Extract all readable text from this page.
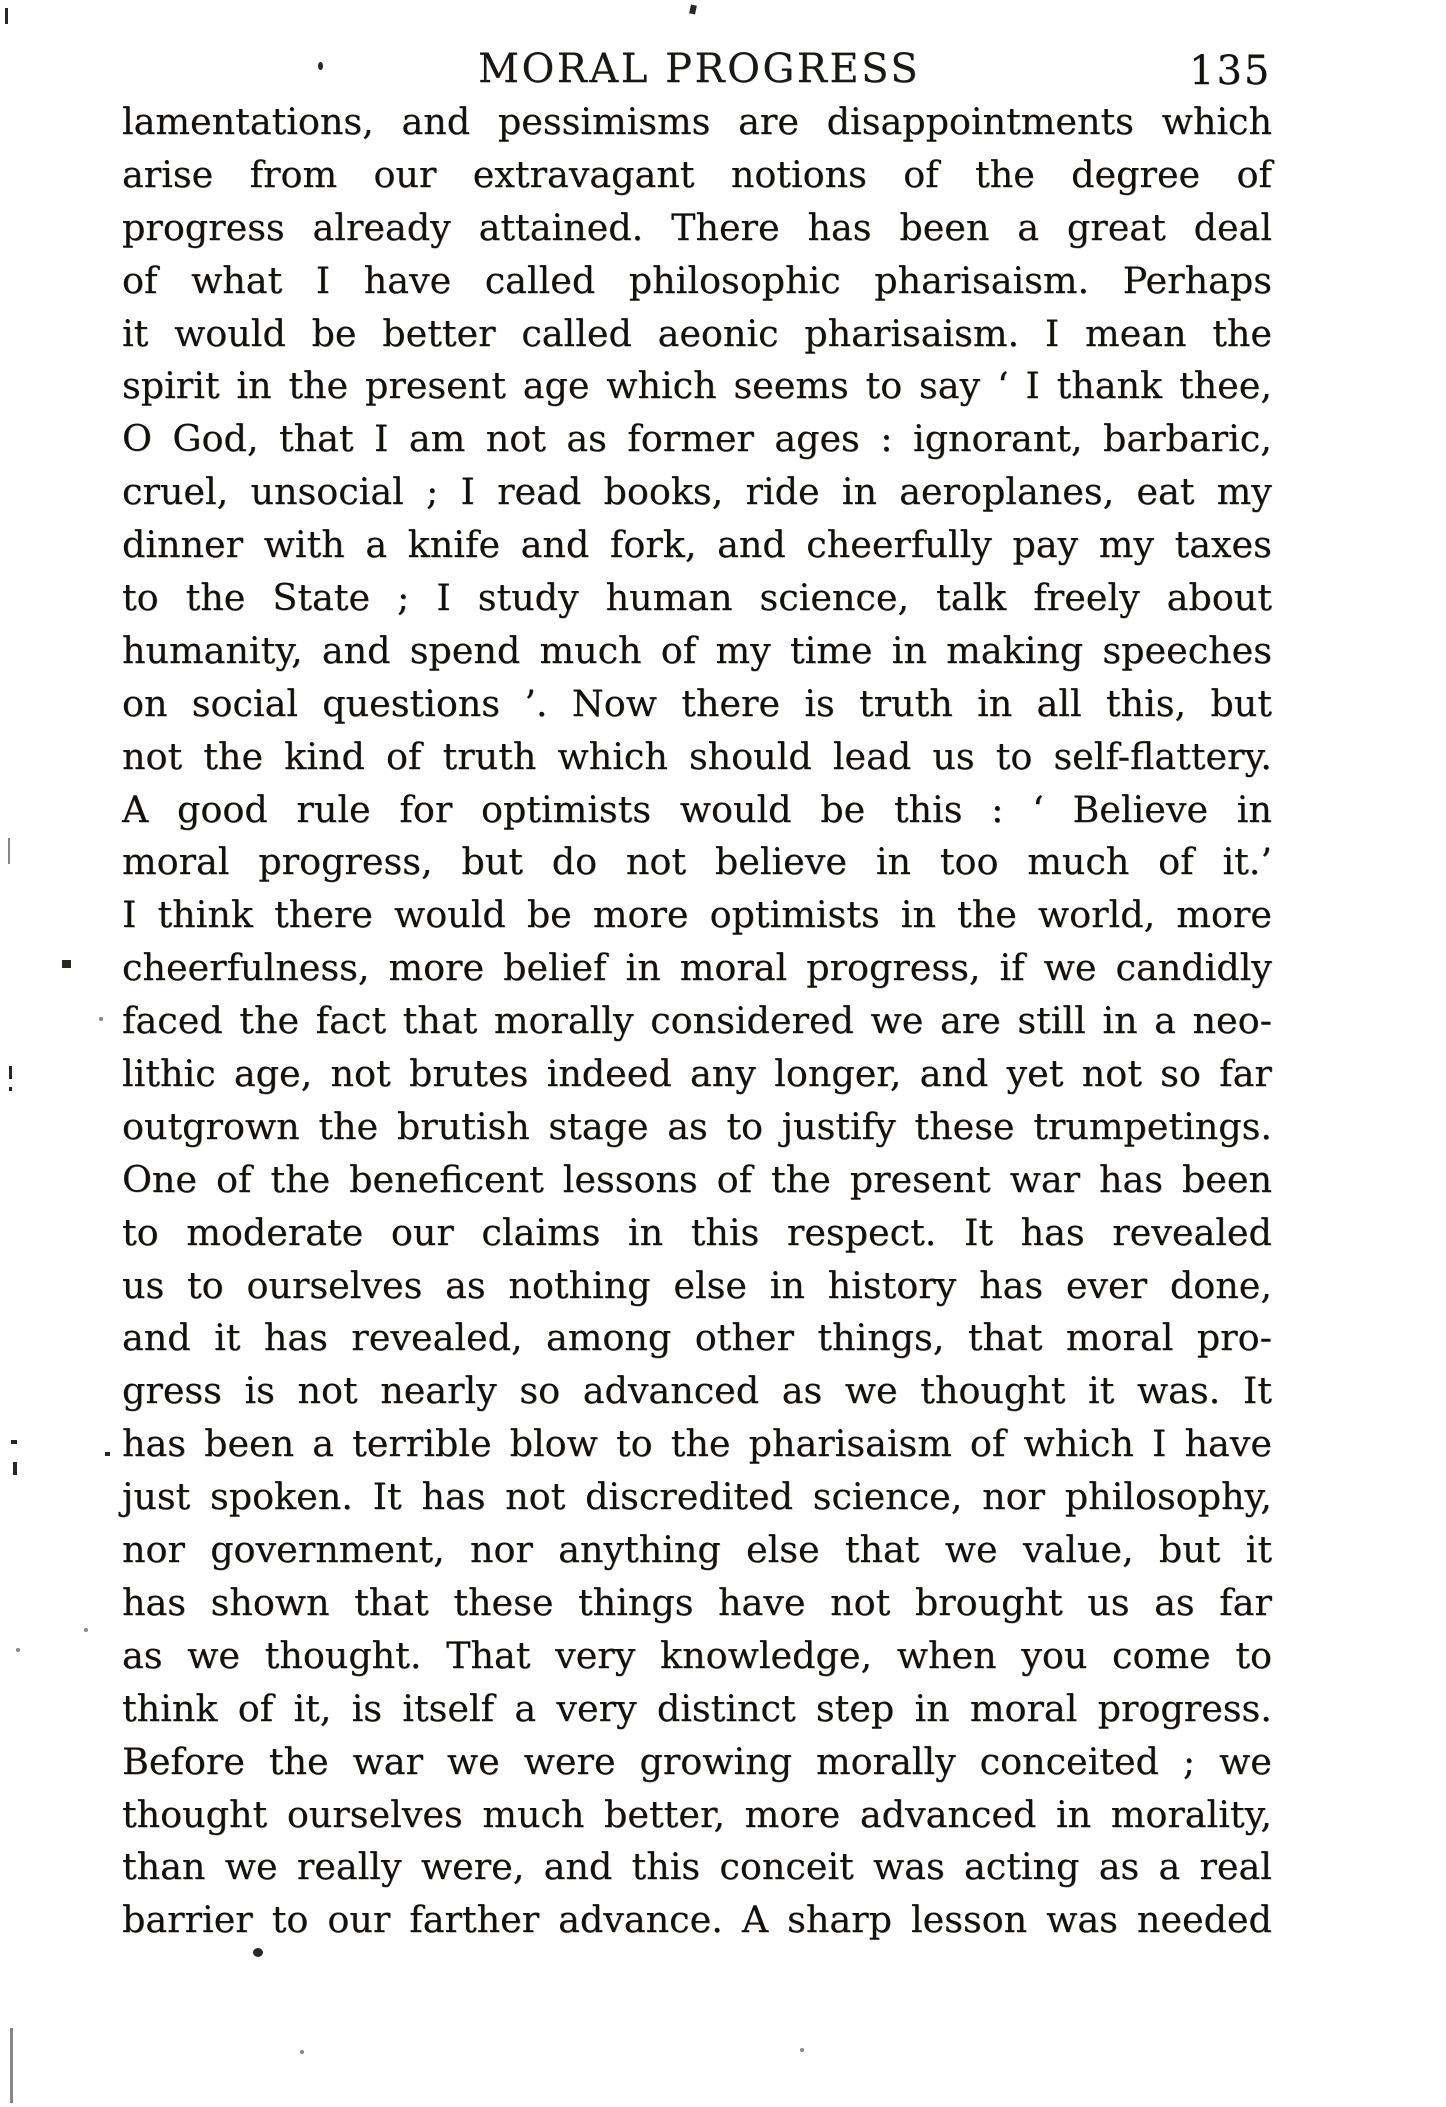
MORAL PROGRESS	135
lamentations, and pessimisms are disappointments which
arise from our extravagant notions of the degree of
progress already attained. There has been a great deal
of what I have called philosophic pharisaism. Perhaps
it would be better called aeonic pharisaism. I mean the
spirit in the present age which seems to say ‘ I thank thee,
O God, that I am not as former ages : ignorant, barbaric,
cruel, unsocial ; I read books, ride in aeroplanes, eat my
dinner with a knife and fork, and cheerfully pay my taxes
to the State ; I study human science, talk freely about
humanity, and spend much of my time in making speeches
on social questions ’. Now there is truth in all this, but
not the kind of truth which should lead us to self-flattery.
A good rule for optimists would be this : ‘ Believe in
moral progress, but do not believe in too much of it.’
I think there would be more optimists in the world, more
cheerfulness, more belief in moral progress, if we candidly
faced the fact that morally considered we are still in a neo-
lithic age, not brutes indeed any longer, and yet not so far
outgrown the brutish stage as to justify these trumpetings.
One of the beneficent lessons of the present war has been
to moderate our claims in this respect. It has revealed
us to ourselves as nothing else in history has ever done,
and it has revealed, among other things, that moral pro-
gress is not nearly so advanced as we thought it was. It
has been a terrible blow to the pharisaism of which I have
just spoken. It has not discredited science, nor philosophy,
nor government, nor anything else that we value, but it
has shown that these things have not brought us as far
as we thought. That very knowledge, when you come to
think of it, is itself a very distinct step in moral progress.
Before the war we were growing morally conceited ; we
thought ourselves much better, more advanced in morality,
than we really were, and this conceit was acting as a real
barrier to our farther advance. A sharp lesson was needed
